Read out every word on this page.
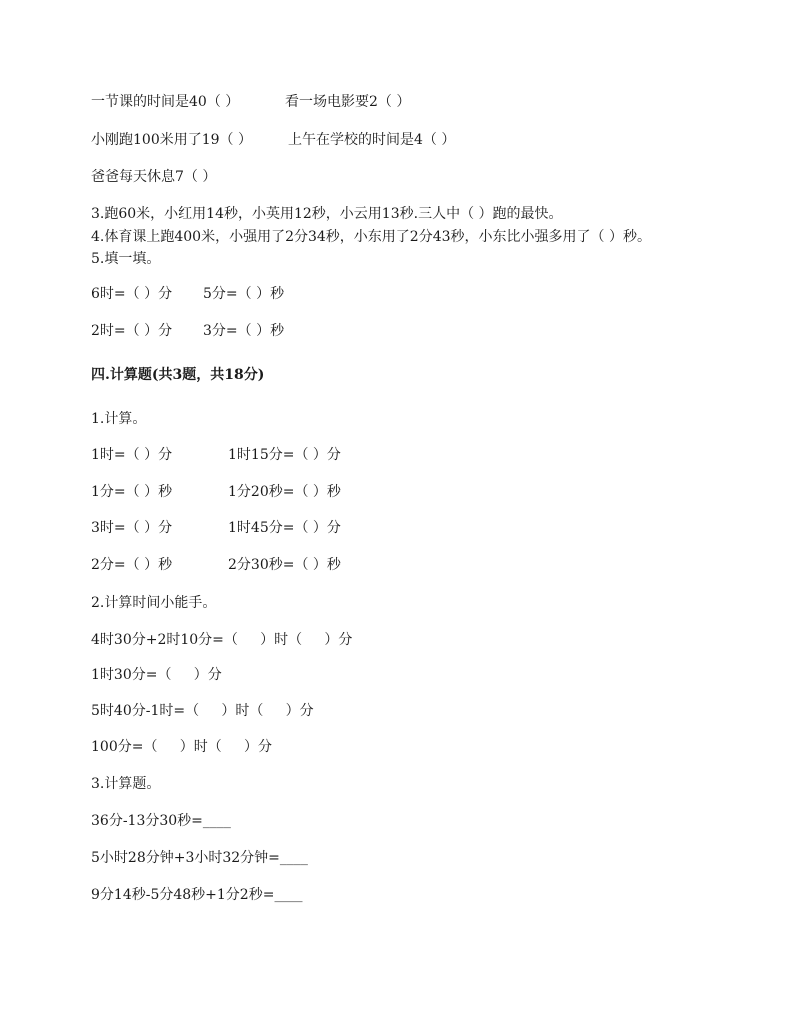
一节课的时间是40（ ）	看一场电影要2（ ）
小刚跑100米用了19（ ）	上午在学校的时间是4（ ）
爸爸每天休息7（ ）
3.跑60米，小红用14秒，小英用12秒，小云用13秒.三人中（ ）跑的最快。
4.体育课上跑400米，小强用了2分34秒，小东用了2分43秒，小东比小强多用了（ ）秒。
5.填一填。
6时=（ ）分 5分=（ ）秒
2时=（ ）分 3分=（ ）秒
四.计算题(共3题，共18分)
1.计算。
1时=（ ）分	1时15分=（ ）分
1分=（ ）秒	1分20秒=（ ）秒
3时=（ ）分	1时45分=（ ）分
2分=（ ）秒	2分30秒=（ ）秒
2.计算时间小能手。
4时30分+2时10分=（     ）时（     ）分
1时30分=（     ）分
5时40分-1时=（     ）时（     ）分
100分=（     ）时（     ）分
3.计算题。
36分-13分30秒=____
5小时28分钟+3小时32分钟=____
9分14秒-5分48秒+1分2秒=____
